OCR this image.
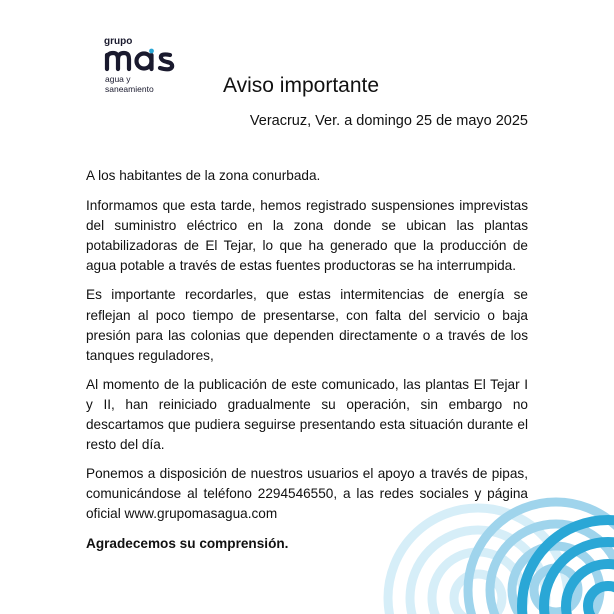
grupo
agua y
saneamiento	Aviso importante
Veracruz, Ver. a domingo 25 de mayo 2025

A los habitantes de la zona conurbada.

Informamos que esta tarde, hemos registrado suspensiones imprevistas del suministro eléctrico en la zona donde se ubican las plantas potabilizadoras de El Tejar, lo que ha generado que la producción de agua potable a través de estas fuentes productoras se ha interrumpida.

Es importante recordarles, que estas intermitencias de energía se reflejan al poco tiempo de presentarse, con falta del servicio o baja presión para las colonias que dependen directamente o a través de los tanques reguladores,

Al momento de la publicación de este comunicado, las plantas El Tejar I y II, han reiniciado gradualmente su operación, sin embargo no descartamos que pudiera seguirse presentando esta situación durante el resto del día.

Ponemos a disposición de nuestros usuarios el apoyo a través de pipas, comunicándose al teléfono 2294546550, a las redes sociales y página oficial www.grupomasagua.com

Agradecemos su comprensión.
